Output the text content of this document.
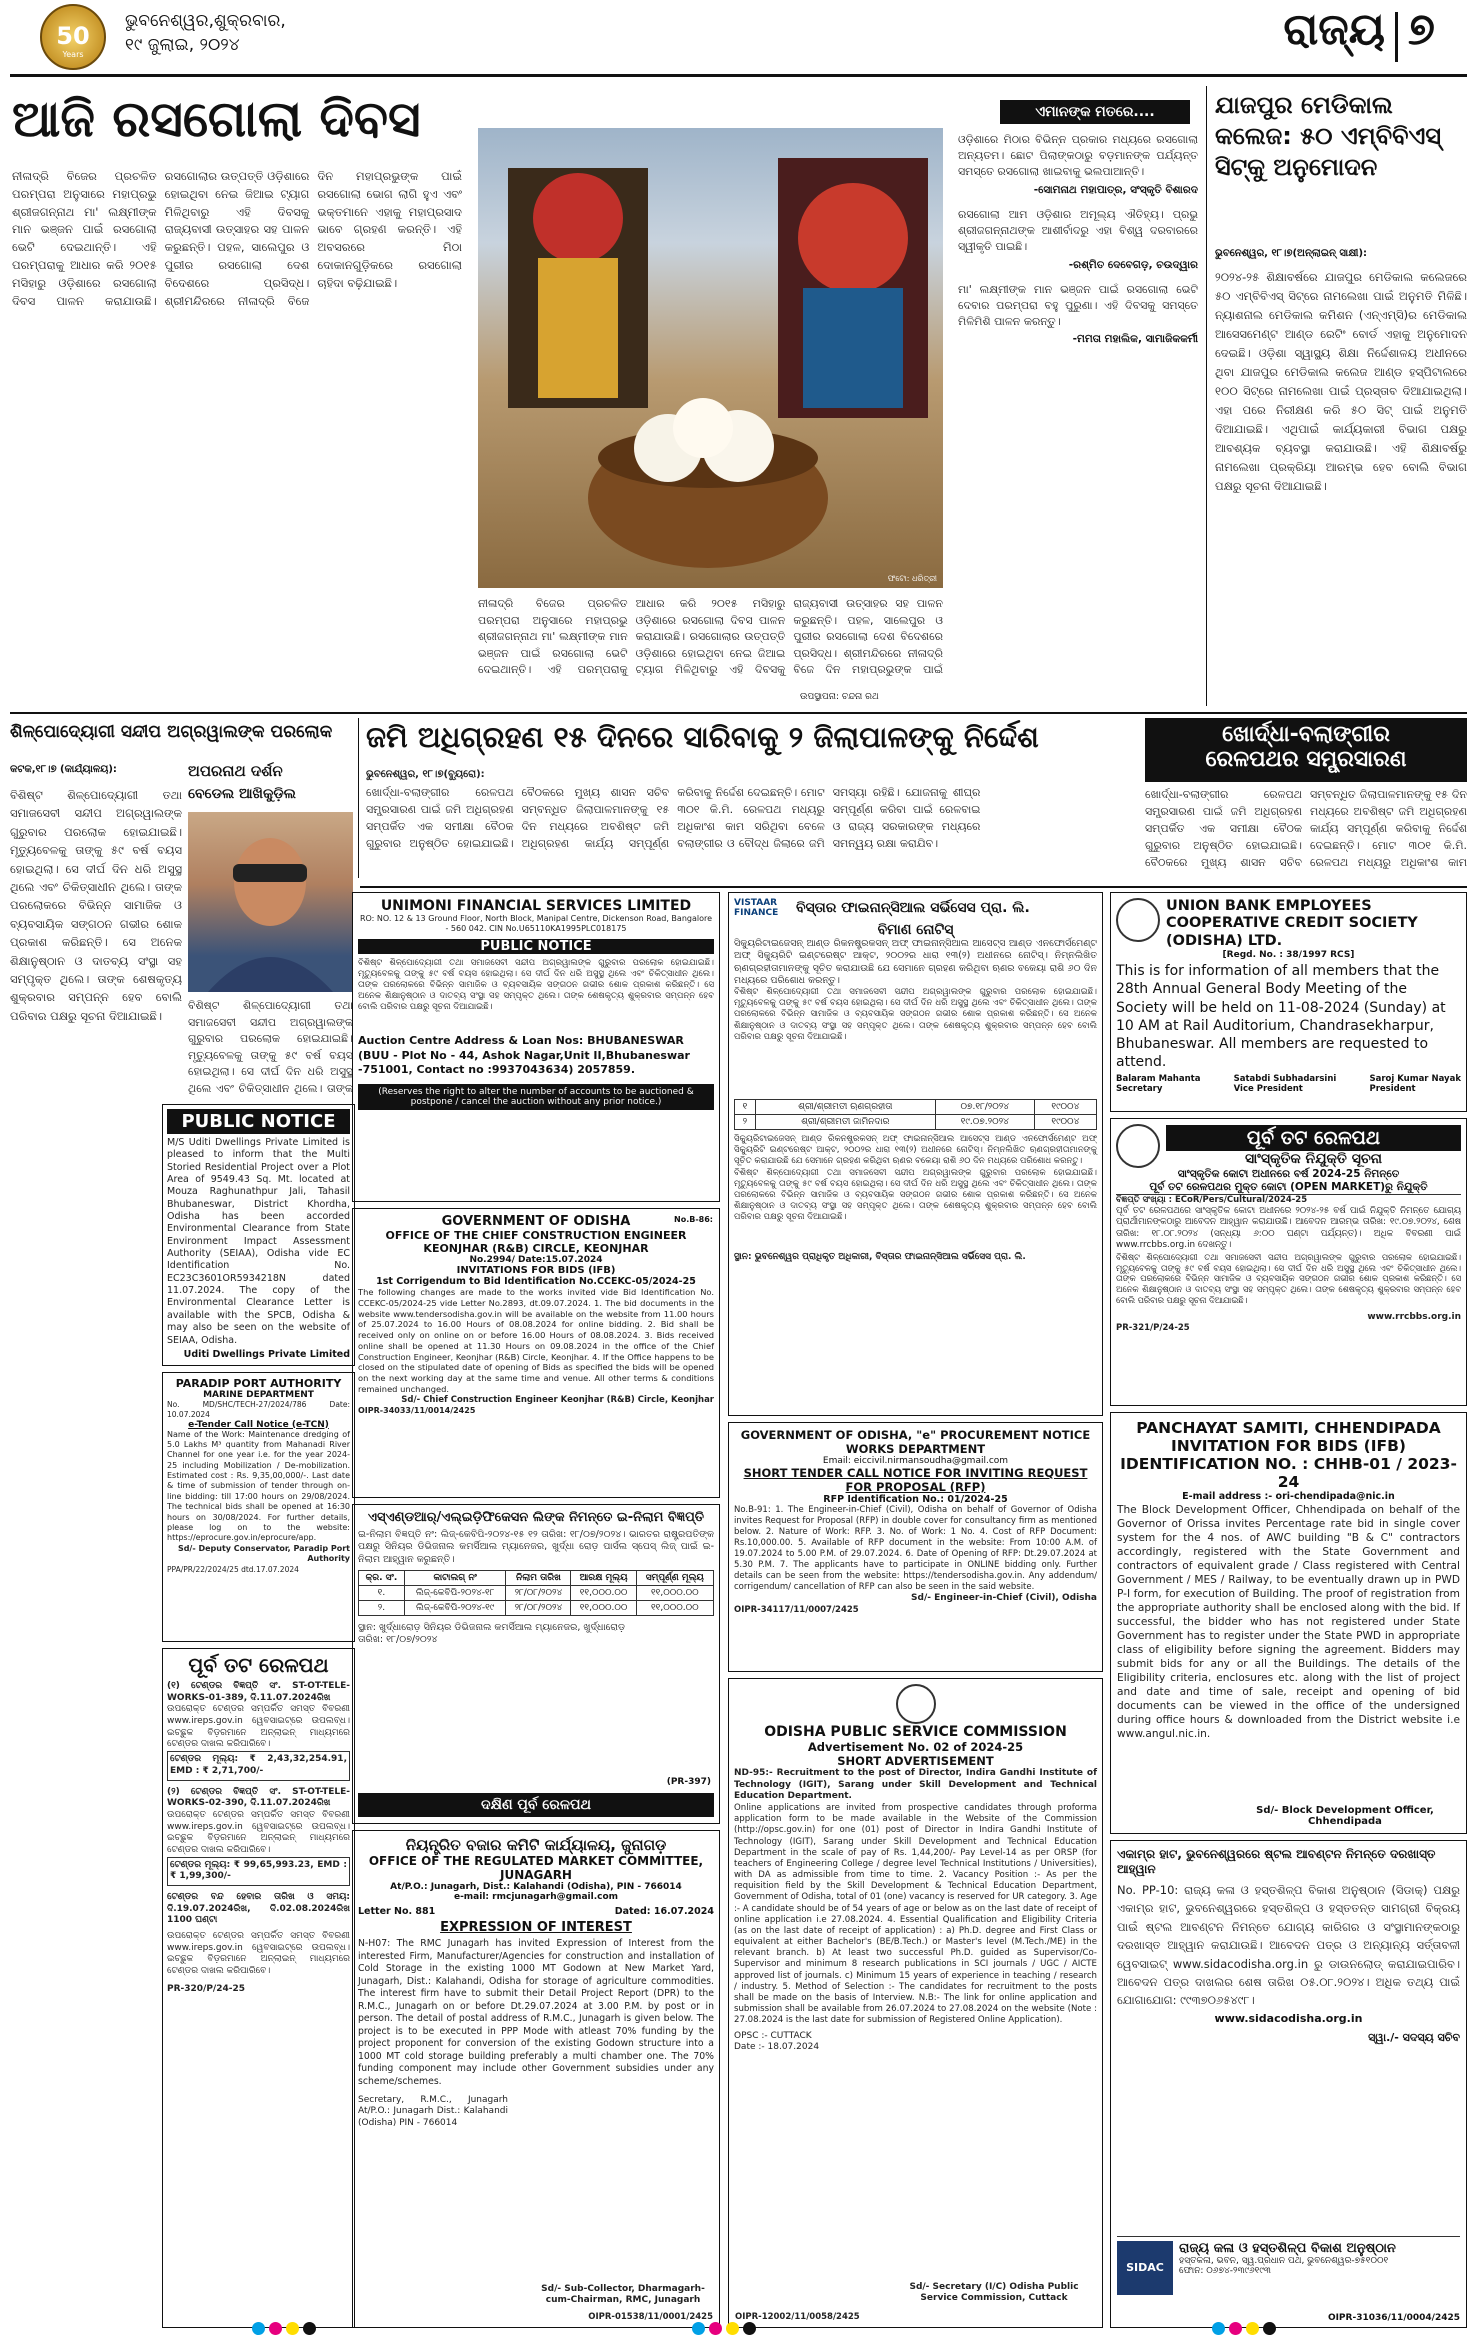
50
Years
ଭୁବନେଶ୍ୱର,ଶୁକ୍ରବାର,
୧୯ ଜୁଲାଇ, ୨୦୨୪	ରାଜ୍ୟ ୭
ଆଜି ରସଗୋଲା ଦିବସ
ନୀଳାଦ୍ରି ବିଜେର ପ୍ରଚଳିତ ପରମ୍ପରା ଅନୁସାରେ ମହାପ୍ରଭୁ ଶ୍ରୀଜଗନ୍ନାଥ ମା' ଲକ୍ଷ୍ମୀଙ୍କ ମାନ ଭଞ୍ଜନ ପାଇଁ ରସଗୋଲା ଭେଟି ଦେଇଥାନ୍ତି। ଏହି ପରମ୍ପରାକୁ ଆଧାର କରି ୨୦୧୫ ମସିହାରୁ ଓଡ଼ିଶାରେ ରସଗୋଲା ଦିବସ ପାଳନ କରାଯାଉଛି। ରସଗୋଲାର ଉତ୍ପତ୍ତି ଓଡ଼ିଶାରେ ହୋଇଥିବା ନେଇ ଜିଆଇ ଟ୍ୟାଗ ମିଳିଥିବାରୁ ଏହି ଦିବସକୁ ରାଜ୍ୟବାସୀ ଉତ୍ସାହର ସହ ପାଳନ କରୁଛନ୍ତି। ପହଳ, ସାଲେପୁର ଓ ପୁରୀର ରସଗୋଲା ଦେଶ ବିଦେଶରେ ପ୍ରସିଦ୍ଧ। ଶ୍ରୀମନ୍ଦିରରେ ନୀଳାଦ୍ରି ବିଜେ ଦିନ ମହାପ୍ରଭୁଙ୍କ ପାଇଁ ରସଗୋଲା ଭୋଗ ଲାଗି ହୁଏ ଏବଂ ଭକ୍ତମାନେ ଏହାକୁ ମହାପ୍ରସାଦ ଭାବେ ଗ୍ରହଣ କରନ୍ତି। ଏହି ଅବସରରେ ମିଠା ଦୋକାନଗୁଡ଼ିକରେ ରସଗୋଲା ଚାହିଦା ବଢ଼ିଯାଇଛି।
ଫଟୋ: ଧରିତ୍ରୀ
ନୀଳାଦ୍ରି ବିଜେର ପ୍ରଚଳିତ ପରମ୍ପରା ଅନୁସାରେ ମହାପ୍ରଭୁ ଶ୍ରୀଜଗନ୍ନାଥ ମା' ଲକ୍ଷ୍ମୀଙ୍କ ମାନ ଭଞ୍ଜନ ପାଇଁ ରସଗୋଲା ଭେଟି ଦେଇଥାନ୍ତି। ଏହି ପରମ୍ପରାକୁ ଆଧାର କରି ୨୦୧୫ ମସିହାରୁ ଓଡ଼ିଶାରେ ରସଗୋଲା ଦିବସ ପାଳନ କରାଯାଉଛି। ରସଗୋଲାର ଉତ୍ପତ୍ତି ଓଡ଼ିଶାରେ ହୋଇଥିବା ନେଇ ଜିଆଇ ଟ୍ୟାଗ ମିଳିଥିବାରୁ ଏହି ଦିବସକୁ ରାଜ୍ୟବାସୀ ଉତ୍ସାହର ସହ ପାଳନ କରୁଛନ୍ତି। ପହଳ, ସାଲେପୁର ଓ ପୁରୀର ରସଗୋଲା ଦେଶ ବିଦେଶରେ ପ୍ରସିଦ୍ଧ। ଶ୍ରୀମନ୍ଦିରରେ ନୀଳାଦ୍ରି ବିଜେ ଦିନ ମହାପ୍ରଭୁଙ୍କ ପାଇଁ
ଉପସ୍ଥାପନା: ଚନ୍ଦନା ରଥ
ଏମାନଙ୍କ ମତରେ....
ଓଡ଼ିଶାରେ ମିଠାର ବିଭିନ୍ନ ପ୍ରକାର ମଧ୍ୟରେ ରସଗୋଲା ଅନ୍ୟତମ। ଛୋଟ ପିଲାଙ୍କଠାରୁ ବଡ଼ମାନଙ୍କ ପର୍ଯ୍ୟନ୍ତ ସମସ୍ତେ ରସଗୋଲା ଖାଇବାକୁ ଭଲପାଆନ୍ତି।
-ସୋମନାଥ ମହାପାତ୍ର, ସଂସ୍କୃତି ବିଶାରଦ
ରସଗୋଲା ଆମ ଓଡ଼ିଶାର ଅମୂଲ୍ୟ ଐତିହ୍ୟ। ପ୍ରଭୁ ଶ୍ରୀଜଗନ୍ନାଥଙ୍କ ଆଶୀର୍ବାଦରୁ ଏହା ବିଶ୍ୱ ଦରବାରରେ ସ୍ୱୀକୃତି ପାଇଛି।
-ରଶ୍ମିତ ଦେବେଗଡ଼, ଚଉଦ୍ୱାର
ମା' ଲକ୍ଷ୍ମୀଙ୍କ ମାନ ଭଞ୍ଜନ ପାଇଁ ରସଗୋଲା ଭେଟି ଦେବାର ପରମ୍ପରା ବହୁ ପୁରୁଣା। ଏହି ଦିବସକୁ ସମସ୍ତେ ମିଳିମିଶି ପାଳନ କରନ୍ତୁ।
-ମମତା ମହାଲିକ, ସାମାଜିକକର୍ମୀ
ଯାଜପୁର ମେଡିକାଲ କଲେଜ: ୫୦ ଏମ୍‌ବିବିଏସ୍ ସିଟ୍‌କୁ ଅନୁମୋଦନ
ଭୁବନେଶ୍ୱର, ୧୮।୭(ଅନ୍‌ଲାଇନ୍ ସାକ୍ଷୀ):
୨୦୨୪-୨୫ ଶିକ୍ଷାବର୍ଷରେ ଯାଜପୁର ମେଡିକାଲ କଲେଜରେ ୫୦ ଏମ୍‌ବିବିଏସ୍ ସିଟ୍‌ରେ ନାମଲେଖା ପାଇଁ ଅନୁମତି ମିଳିଛି। ନ୍ୟାଶନାଲ ମେଡିକାଲ କମିଶନ (ଏନ୍‌ଏମ୍‌ସି)ର ମେଡିକାଲ ଆସେସମେଣ୍ଟ ଆଣ୍ଡ ରେଟିଂ ବୋର୍ଡ ଏହାକୁ ଅନୁମୋଦନ ଦେଇଛି। ଓଡ଼ିଶା ସ୍ୱାସ୍ଥ୍ୟ ଶିକ୍ଷା ନିର୍ଦ୍ଦେଶାଳୟ ଅଧୀନରେ ଥିବା ଯାଜପୁର ମେଡିକାଲ କଲେଜ ଆଣ୍ଡ ହସ୍ପିଟାଲରେ ୧୦୦ ସିଟ୍‌ରେ ନାମଲେଖା ପାଇଁ ପ୍ରସ୍ତାବ ଦିଆଯାଇଥିଲା। ଏହା ପରେ ନିରୀକ୍ଷଣ କରି ୫୦ ସିଟ୍ ପାଇଁ ଅନୁମତି ଦିଆଯାଇଛି। ଏଥିପାଇଁ କାର୍ଯ୍ୟକାରୀ ବିଭାଗ ପକ୍ଷରୁ ଆବଶ୍ୟକ ବ୍ୟବସ୍ଥା କରାଯାଉଛି। ଏହି ଶିକ୍ଷାବର୍ଷରୁ ନାମଲେଖା ପ୍ରକ୍ରିୟା ଆରମ୍ଭ ହେବ ବୋଲି ବିଭାଗ ପକ୍ଷରୁ ସୂଚନା ଦିଆଯାଇଛି।
ଶିଳ୍ପୋଦ୍ୟୋଗୀ ସନ୍ଦୀପ ଅଗ୍ରୱାଲଙ୍କ ପରଲୋକ	ଜମି ଅଧିଗ୍ରହଣ ୧୫ ଦିନରେ ସାରିବାକୁ ୨ ଜିଲାପାଳଙ୍କୁ ନିର୍ଦ୍ଦେଶ	ଖୋର୍ଦ୍ଧା-ବଲାଙ୍ଗୀର
ରେଳପଥର ସମ୍ପ୍ରସାରଣ
କଟକ,୧୮।୭ (କାର୍ଯ୍ୟାଳୟ):	ଅପରନାଥ ଦର୍ଶନ
ବେଡେଲ ଆଖିକୁଡ଼ିଲ
ବିଶିଷ୍ଟ ଶିଳ୍ପୋଦ୍ୟୋଗୀ ତଥା ସମାଜସେବୀ ସନ୍ଦୀପ ଅଗ୍ରୱାଲଙ୍କ ଗୁରୁବାର ପରଲୋକ ହୋଇଯାଇଛି। ମୃତ୍ୟୁବେଳକୁ ତାଙ୍କୁ ୫୯ ବର୍ଷ ବୟସ ହୋଇଥିଲା। ସେ ଦୀର୍ଘ ଦିନ ଧରି ଅସୁସ୍ଥ ଥିଲେ ଏବଂ ଚିକିତ୍ସାଧୀନ ଥିଲେ। ତାଙ୍କ ପରଲୋକରେ ବିଭିନ୍ନ ସାମାଜିକ ଓ ବ୍ୟବସାୟିକ ସଙ୍ଗଠନ ଗଭୀର ଶୋକ ପ୍ରକାଶ କରିଛନ୍ତି। ସେ ଅନେକ ଶିକ୍ଷାନୁଷ୍ଠାନ ଓ ଦାତବ୍ୟ ସଂସ୍ଥା ସହ ସମ୍ପୃକ୍ତ ଥିଲେ। ତାଙ୍କ ଶେଷକୃତ୍ୟ ଶୁକ୍ରବାର ସମ୍ପନ୍ନ ହେବ ବୋଲି ପରିବାର ପକ୍ଷରୁ ସୂଚନା ଦିଆଯାଇଛି।
ବିଶିଷ୍ଟ ଶିଳ୍ପୋଦ୍ୟୋଗୀ ତଥା ସମାଜସେବୀ ସନ୍ଦୀପ ଅଗ୍ରୱାଲଙ୍କ ଗୁରୁବାର ପରଲୋକ ହୋଇଯାଇଛି। ମୃତ୍ୟୁବେଳକୁ ତାଙ୍କୁ ୫୯ ବର୍ଷ ବୟସ ହୋଇଥିଲା। ସେ ଦୀର୍ଘ ଦିନ ଧରି ଅସୁସ୍ଥ ଥିଲେ ଏବଂ ଚିକିତ୍ସାଧୀନ ଥିଲେ। ତାଙ୍କ
PUBLIC NOTICE
M/S Uditi Dwellings Private Limited is pleased to inform that the Multi Storied Residential Project over a Plot Area of 9549.43 Sq. Mt. located at Mouza Raghunathpur Jali, Tahasil Bhubaneswar, District Khordha, Odisha has been accorded Environmental Clearance from State Environment Impact Assessment Authority (SEIAA), Odisha vide EC Identification No. EC23C3601OR5934218N dated 11.07.2024. The copy of the Environmental Clearance Letter is available with the SPCB, Odisha & may also be seen on the website of SEIAA, Odisha.
Uditi Dwellings Private Limited
PARADIP PORT AUTHORITY
MARINE DEPARTMENT
No. MD/SHC/TECH-27/2024/786 Date: 10.07.2024
e-Tender Call Notice (e-TCN)
Name of the Work: Maintenance dredging of 5.0 Lakhs M³ quantity from Mahanadi River Channel for one year i.e. for the year 2024-25 including Mobilization / De-mobilization. Estimated cost : Rs. 9,35,00,000/-. Last date & time of submission of tender through on-line bidding: till 17:00 hours on 29/08/2024. The technical bids shall be opened at 16:30 hours on 30/08/2024. For further details, please log on to the website: https://eprocure.gov.in/eprocure/app.
Sd/- Deputy Conservator, Paradip Port Authority
PPA/PR/22/2024/25 dtd.17.07.2024
ପୂର୍ବ ତଟ ରେଳପଥ
(୧) ଟେଣ୍ଡର ବିଜ୍ଞପ୍ତି ସଂ. ST-OT-TELE-WORKS-01-389, ଦି.11.07.2024ରିଖ
ଉପରୋକ୍ତ ଟେଣ୍ଡର ସମ୍ପର୍କିତ ସମସ୍ତ ବିବରଣୀ www.ireps.gov.in ୱେବସାଇଟ୍‌ରେ ଉପଲବ୍ଧ। ଇଚ୍ଛୁକ ବିଡ଼ରମାନେ ଅନ୍‌ଲାଇନ୍ ମାଧ୍ୟମରେ ଟେଣ୍ଡର ଦାଖଲ କରିପାରିବେ।
ଟେଣ୍ଡର ମୂଲ୍ୟ: ₹ 2,43,32,254.91, EMD : ₹ 2,71,700/-
(୨) ଟେଣ୍ଡର ବିଜ୍ଞପ୍ତି ସଂ. ST-OT-TELE-WORKS-02-390, ଦି.11.07.2024ରିଖ
ଉପରୋକ୍ତ ଟେଣ୍ଡର ସମ୍ପର୍କିତ ସମସ୍ତ ବିବରଣୀ www.ireps.gov.in ୱେବସାଇଟ୍‌ରେ ଉପଲବ୍ଧ। ଇଚ୍ଛୁକ ବିଡ଼ରମାନେ ଅନ୍‌ଲାଇନ୍ ମାଧ୍ୟମରେ ଟେଣ୍ଡର ଦାଖଲ କରିପାରିବେ।
ଟେଣ୍ଡର ମୂଲ୍ୟ: ₹ 99,65,993.23, EMD : ₹ 1,99,300/-
ଟେଣ୍ଡର ବନ୍ଦ ହେବାର ତାରିଖ ଓ ସମୟ: ଦି.19.07.2024ରିଖ, ଦି.02.08.2024ରିଖ 1100 ଘଣ୍ଟା
ଉପରୋକ୍ତ ଟେଣ୍ଡର ସମ୍ପର୍କିତ ସମସ୍ତ ବିବରଣୀ www.ireps.gov.in ୱେବସାଇଟ୍‌ରେ ଉପଲବ୍ଧ। ଇଚ୍ଛୁକ ବିଡ଼ରମାନେ ଅନ୍‌ଲାଇନ୍ ମାଧ୍ୟମରେ ଟେଣ୍ଡର ଦାଖଲ କରିପାରିବେ।
PR-320/P/24-25
ଭୁବନେଶ୍ୱର, ୧୮।୭(ବ୍ୟୁରୋ):
ଖୋର୍ଦ୍ଧା-ବଲାଙ୍ଗୀର ରେଳପଥ ସମ୍ପ୍ରସାରଣ ପାଇଁ ଜମି ଅଧିଗ୍ରହଣ ସମ୍ପର୍କିତ ଏକ ସମୀକ୍ଷା ବୈଠକ ଗୁରୁବାର ଅନୁଷ୍ଠିତ ହୋଇଯାଇଛି। ବୈଠକରେ ମୁଖ୍ୟ ଶାସନ ସଚିବ ସମ୍ବନ୍ଧିତ ଜିଲାପାଳମାନଙ୍କୁ ୧୫ ଦିନ ମଧ୍ୟରେ ଅବଶିଷ୍ଟ ଜମି ଅଧିଗ୍ରହଣ କାର୍ଯ୍ୟ ସମ୍ପୂର୍ଣ୍ଣ କରିବାକୁ ନିର୍ଦ୍ଦେଶ ଦେଇଛନ୍ତି। ମୋଟ ୩୦୧ କି.ମି. ରେଳପଥ ମଧ୍ୟରୁ ଅଧିକାଂଶ କାମ ସରିଥିବା ବେଳେ ବଲାଙ୍ଗୀର ଓ ବୌଦ୍ଧ ଜିଲାରେ ଜମି ସମସ୍ୟା ରହିଛି। ଯୋଜନାକୁ ଶୀଘ୍ର ସମ୍ପୂର୍ଣ୍ଣ କରିବା ପାଇଁ ରେଳବାଇ ଓ ରାଜ୍ୟ ସରକାରଙ୍କ ମଧ୍ୟରେ ସମନ୍ୱୟ ରକ୍ଷା କରାଯିବ।
ଖୋର୍ଦ୍ଧା-ବଲାଙ୍ଗୀର ରେଳପଥ ସମ୍ପ୍ରସାରଣ ପାଇଁ ଜମି ଅଧିଗ୍ରହଣ ସମ୍ପର୍କିତ ଏକ ସମୀକ୍ଷା ବୈଠକ ଗୁରୁବାର ଅନୁଷ୍ଠିତ ହୋଇଯାଇଛି। ବୈଠକରେ ମୁଖ୍ୟ ଶାସନ ସଚିବ ସମ୍ବନ୍ଧିତ ଜିଲାପାଳମାନଙ୍କୁ ୧୫ ଦିନ ମଧ୍ୟରେ ଅବଶିଷ୍ଟ ଜମି ଅଧିଗ୍ରହଣ କାର୍ଯ୍ୟ ସମ୍ପୂର୍ଣ୍ଣ କରିବାକୁ ନିର୍ଦ୍ଦେଶ ଦେଇଛନ୍ତି। ମୋଟ ୩୦୧ କି.ମି. ରେଳପଥ ମଧ୍ୟରୁ ଅଧିକାଂଶ କାମ
UNIMONI FINANCIAL SERVICES LIMITED
RO: NO. 12 & 13 Ground Floor, North Block, Manipal Centre, Dickenson Road, Bangalore - 560 042. CIN No.U65110KA1995PLC018175
PUBLIC NOTICE
ବିଶିଷ୍ଟ ଶିଳ୍ପୋଦ୍ୟୋଗୀ ତଥା ସମାଜସେବୀ ସନ୍ଦୀପ ଅଗ୍ରୱାଲଙ୍କ ଗୁରୁବାର ପରଲୋକ ହୋଇଯାଇଛି। ମୃତ୍ୟୁବେଳକୁ ତାଙ୍କୁ ୫୯ ବର୍ଷ ବୟସ ହୋଇଥିଲା। ସେ ଦୀର୍ଘ ଦିନ ଧରି ଅସୁସ୍ଥ ଥିଲେ ଏବଂ ଚିକିତ୍ସାଧୀନ ଥିଲେ। ତାଙ୍କ ପରଲୋକରେ ବିଭିନ୍ନ ସାମାଜିକ ଓ ବ୍ୟବସାୟିକ ସଙ୍ଗଠନ ଗଭୀର ଶୋକ ପ୍ରକାଶ କରିଛନ୍ତି। ସେ ଅନେକ ଶିକ୍ଷାନୁଷ୍ଠାନ ଓ ଦାତବ୍ୟ ସଂସ୍ଥା ସହ ସମ୍ପୃକ୍ତ ଥିଲେ। ତାଙ୍କ ଶେଷକୃତ୍ୟ ଶୁକ୍ରବାର ସମ୍ପନ୍ନ ହେବ ବୋଲି ପରିବାର ପକ୍ଷରୁ ସୂଚନା ଦିଆଯାଇଛି।
Auction Centre Address & Loan Nos: BHUBANESWAR (BUU - Plot No - 44, Ashok Nagar,Unit II,Bhubaneswar -751001, Contact no :9937043634) 2057859.
(Reserves the right to alter the number of accounts to be auctioned & postpone / cancel the auction without any prior notice.)
GOVERNMENT OF ODISHA	No.B-86:
OFFICE OF THE CHIEF CONSTRUCTION ENGINEER KEONJHAR (R&B) CIRCLE, KEONJHAR
No.2994/ Date:15.07.2024
INVITATIONS FOR BIDS (IFB)
1st Corrigendum to Bid Identification No.CCEKC-05/2024-25
The following changes are made to the works invited vide Bid Identification No. CCEKC-05/2024-25 vide Letter No.2893, dt.09.07.2024. 1. The bid documents in the website www.tendersodisha.gov.in will be available on the website from 11.00 hours of 25.07.2024 to 16.00 Hours of 08.08.2024 for online bidding. 2. Bid shall be received only on online on or before 16.00 Hours of 08.08.2024. 3. Bids received online shall be opened at 11.30 Hours on 09.08.2024 in the office of the Chief Construction Engineer, Keonjhar (R&B) Circle, Keonjhar. 4. If the Office happens to be closed on the stipulated date of opening of Bids as specified the bids will be opened on the next working day at the same time and venue. All other terms & conditions remained unchanged.
Sd/- Chief Construction Engineer Keonjhar (R&B) Circle, Keonjhar
OIPR-34033/11/0014/2425
ଏସ୍‌ଏଣ୍ଡଆର୍/ଏଲ୍‌ଇଡ଼ିଫିକେସନ ଲିଙ୍କ ନିମନ୍ତେ ଇ-ନିଲାମ ବିଜ୍ଞପ୍ତି
ଇ-ନିଲାମ ବିଜ୍ଞପ୍ତି ନଂ: ଲିଜ୍-କେବିପି-୨୦୨୪-୧୫ ୧୨ ତାରିଖ: ୧୮/୦୭/୨୦୨୪। ଭାରତର ରାଷ୍ଟ୍ରପତିଙ୍କ ପକ୍ଷରୁ ସିନିୟର ଡିଭିଜନାଲ କମର୍ସିଆଲ ମ୍ୟାନେଜର, ଖୁର୍ଦ୍ଧା ରୋଡ଼ ପାର୍ସଲ ସ୍ପେସ୍ ଲିଜ୍ ପାଇଁ ଇ-ନିଲାମ ଆହ୍ୱାନ କରୁଛନ୍ତି।
କ୍ର. ସଂ.	କାଟାଲଗ୍ ନଂ	ନିଲାମ ତାରିଖ	ଆରକ୍ଷ ମୂଲ୍ୟ	ସମ୍ପୂର୍ଣ୍ଣ ମୂଲ୍ୟ
୧.	ଲିଜ୍-କେବିପି-୨୦୨୪-୧୮	୨୮/୦୮/୨୦୨୪	୧୧,୦୦୦.୦୦	୧୧,୦୦୦.୦୦
୨.	ଲିଜ୍-କେବିପି-୨୦୨୪-୧୯	୨୮/୦୮/୨୦୨୪	୧୧,୦୦୦.୦୦	୧୧,୦୦୦.୦୦
ସ୍ଥାନ: ଖୁର୍ଦ୍ଧାରୋଡ଼ ସିନିୟର ଡିଭିଜନାଲ କମର୍ସିଆଲ ମ୍ୟାନେଜର, ଖୁର୍ଦ୍ଧାରୋଡ଼
ତାରିଖ: ୧୮/୦୭/୨୦୨୪
ଦକ୍ଷିଣ ପୂର୍ବ ରେଳପଥ
(PR-397)
ନିୟନ୍ତ୍ରିତ ବଜାର କମିଟି କାର୍ଯ୍ୟାଳୟ, ଜୁନାଗଡ଼
OFFICE OF THE REGULATED MARKET COMMITTEE, JUNAGARH
At/P.O.: Junagarh, Dist.: Kalahandi (Odisha), PIN - 766014
e-mail: rmcjunagarh@gmail.com
Letter No. 881	Dated: 16.07.2024
EXPRESSION OF INTEREST
N-H07: The RMC Junagarh has invited Expression of Interest from the interested Firm, Manufacturer/Agencies for construction and installation of Cold Storage in the existing 1000 MT Godown at New Market Yard, Junagarh, Dist.: Kalahandi, Odisha for storage of agriculture commodities. The interest firm have to submit their Detail Project Report (DPR) to the R.M.C., Junagarh on or before Dt.29.07.2024 at 3.00 P.M. by post or in person. The detail of postal address of R.M.C., Junagarh is given below. The project is to be executed in PPP Mode with atleast 70% funding by the project proponent for conversion of the existing Godown structure into a 1000 MT cold storage building preferably a multi chamber one. The 70% funding component may include other Government subsidies under any scheme/schemes.
Secretary, R.M.C., Junagarh At/P.O.: Junagarh Dist.: Kalahandi (Odisha) PIN - 766014
Sd/- Sub-Collector, Dharmagarh-cum-Chairman, RMC, Junagarh
OIPR-01538/11/0001/2425
VISTAAR FINANCE	ବିସ୍ତାର ଫାଇନାନ୍‌ସିଆଲ ସର୍ଭିସେସ ପ୍ରା. ଲି.
ବିମାଣ ନୋଟିସ୍
ସିକ୍ୟୁରିଟାଇଜେସନ୍ ଆଣ୍ଡ ରିକନଷ୍ଟ୍ରକସନ୍ ଅଫ୍ ଫାଇନାନ୍‌ସିଆଲ ଆସେଟ୍‌ସ ଆଣ୍ଡ ଏନଫୋର୍ସମେଣ୍ଟ ଅଫ୍ ସିକ୍ୟୁରିଟି ଇଣ୍ଟରେଷ୍ଟ ଆକ୍ଟ, ୨୦୦୨ର ଧାରା ୧୩(୨) ଅଧୀନରେ ନୋଟିସ୍। ନିମ୍ନଲିଖିତ ଋଣଗ୍ରହୀତାମାନଙ୍କୁ ସୂଚିତ କରାଯାଉଛି ଯେ ସେମାନେ ଗ୍ରହଣ କରିଥିବା ଋଣର ବକେୟା ରାଶି ୬୦ ଦିନ ମଧ୍ୟରେ ପରିଶୋଧ କରନ୍ତୁ।
ବିଶିଷ୍ଟ ଶିଳ୍ପୋଦ୍ୟୋଗୀ ତଥା ସମାଜସେବୀ ସନ୍ଦୀପ ଅଗ୍ରୱାଲଙ୍କ ଗୁରୁବାର ପରଲୋକ ହୋଇଯାଇଛି। ମୃତ୍ୟୁବେଳକୁ ତାଙ୍କୁ ୫୯ ବର୍ଷ ବୟସ ହୋଇଥିଲା। ସେ ଦୀର୍ଘ ଦିନ ଧରି ଅସୁସ୍ଥ ଥିଲେ ଏବଂ ଚିକିତ୍ସାଧୀନ ଥିଲେ। ତାଙ୍କ ପରଲୋକରେ ବିଭିନ୍ନ ସାମାଜିକ ଓ ବ୍ୟବସାୟିକ ସଙ୍ଗଠନ ଗଭୀର ଶୋକ ପ୍ରକାଶ କରିଛନ୍ତି। ସେ ଅନେକ ଶିକ୍ଷାନୁଷ୍ଠାନ ଓ ଦାତବ୍ୟ ସଂସ୍ଥା ସହ ସମ୍ପୃକ୍ତ ଥିଲେ। ତାଙ୍କ ଶେଷକୃତ୍ୟ ଶୁକ୍ରବାର ସମ୍ପନ୍ନ ହେବ ବୋଲି ପରିବାର ପକ୍ଷରୁ ସୂଚନା ଦିଆଯାଇଛି।
୧	ଶ୍ରୀ/ଶ୍ରୀମତୀ ଋଣଗ୍ରହୀତା	୦୭.୧୮/୨୦୨୪	୧୯୦୦୪
୨	ଶ୍ରୀ/ଶ୍ରୀମତୀ ଜାମିନଦାର	୧୯.୦୭.୨୦୨୪	୧୯୦୦୪
ସିକ୍ୟୁରିଟାଇଜେସନ୍ ଆଣ୍ଡ ରିକନଷ୍ଟ୍ରକସନ୍ ଅଫ୍ ଫାଇନାନ୍‌ସିଆଲ ଆସେଟ୍‌ସ ଆଣ୍ଡ ଏନଫୋର୍ସମେଣ୍ଟ ଅଫ୍ ସିକ୍ୟୁରିଟି ଇଣ୍ଟରେଷ୍ଟ ଆକ୍ଟ, ୨୦୦୨ର ଧାରା ୧୩(୨) ଅଧୀନରେ ନୋଟିସ୍। ନିମ୍ନଲିଖିତ ଋଣଗ୍ରହୀତାମାନଙ୍କୁ ସୂଚିତ କରାଯାଉଛି ଯେ ସେମାନେ ଗ୍ରହଣ କରିଥିବା ଋଣର ବକେୟା ରାଶି ୬୦ ଦିନ ମଧ୍ୟରେ ପରିଶୋଧ କରନ୍ତୁ।
ବିଶିଷ୍ଟ ଶିଳ୍ପୋଦ୍ୟୋଗୀ ତଥା ସମାଜସେବୀ ସନ୍ଦୀପ ଅଗ୍ରୱାଲଙ୍କ ଗୁରୁବାର ପରଲୋକ ହୋଇଯାଇଛି। ମୃତ୍ୟୁବେଳକୁ ତାଙ୍କୁ ୫୯ ବର୍ଷ ବୟସ ହୋଇଥିଲା। ସେ ଦୀର୍ଘ ଦିନ ଧରି ଅସୁସ୍ଥ ଥିଲେ ଏବଂ ଚିକିତ୍ସାଧୀନ ଥିଲେ। ତାଙ୍କ ପରଲୋକରେ ବିଭିନ୍ନ ସାମାଜିକ ଓ ବ୍ୟବସାୟିକ ସଙ୍ଗଠନ ଗଭୀର ଶୋକ ପ୍ରକାଶ କରିଛନ୍ତି। ସେ ଅନେକ ଶିକ୍ଷାନୁଷ୍ଠାନ ଓ ଦାତବ୍ୟ ସଂସ୍ଥା ସହ ସମ୍ପୃକ୍ତ ଥିଲେ। ତାଙ୍କ ଶେଷକୃତ୍ୟ ଶୁକ୍ରବାର ସମ୍ପନ୍ନ ହେବ ବୋଲି ପରିବାର ପକ୍ଷରୁ ସୂଚନା ଦିଆଯାଇଛି।
ସ୍ଥାନ: ଭୁବନେଶ୍ୱର ପ୍ରାଧିକୃତ ଅଧିକାରୀ, ବିସ୍ତାର ଫାଇନାନ୍‌ସିଆଲ ସର୍ଭିସେସ ପ୍ରା. ଲି.
GOVERNMENT OF ODISHA, "e" PROCUREMENT NOTICE
WORKS DEPARTMENT
Email: eiccivil.nirmansoudha@gmail.com
SHORT TENDER CALL NOTICE FOR INVITING REQUEST FOR PROPOSAL (RFP)
RFP Identification No.: 01/2024-25
No.B-91: 1. The Engineer-in-Chief (Civil), Odisha on behalf of Governor of Odisha invites Request for Proposal (RFP) in double cover for consultancy firm as mentioned below. 2. Nature of Work: RFP. 3. No. of Work: 1 No. 4. Cost of RFP Document: Rs.10,000.00. 5. Available of RFP document in the website: From 10:00 A.M. of 19.07.2024 to 5.00 P.M. of 29.07.2024. 6. Date of Opening of RFP: Dt.29.07.2024 at 5.30 P.M. 7. The applicants have to participate in ONLINE bidding only. Further details can be seen from the website: https://tendersodisha.gov.in. Any addendum/ corrigendum/ cancellation of RFP can also be seen in the said website.
Sd/- Engineer-in-Chief (Civil), Odisha
OIPR-34117/11/0007/2425
ODISHA PUBLIC SERVICE COMMISSION
Advertisement No. 02 of 2024-25
SHORT ADVERTISEMENT
ND-95:- Recruitment to the post of Director, Indira Gandhi Institute of Technology (IGIT), Sarang under Skill Development and Technical Education Department.
Online applications are invited from prospective candidates through proforma application form to be made available in the Website of the Commission (http://opsc.gov.in) for one (01) post of Director in Indira Gandhi Institute of Technology (IGIT), Sarang under Skill Development and Technical Education Department in the scale of pay of Rs. 1,44,200/- Pay Level-14 as per ORSP (for teachers of Engineering College / degree level Technical Institutions / Universities), with DA as admissible from time to time. 2. Vacancy Position :- As per the requisition field by the Skill Development & Technical Education Department, Government of Odisha, total of 01 (one) vacancy is reserved for UR category. 3. Age :- A candidate should be of 54 years of age or below as on the last date of receipt of online application i.e 27.08.2024. 4. Essential Qualification and Eligibility Criteria (as on the last date of receipt of application) : a) Ph.D. degree and First Class or equivalent at either Bachelor's (BE/B.Tech.) or Master's level (M.Tech./ME) in the relevant branch. b) At least two successful Ph.D. guided as Supervisor/Co-Supervisor and minimum 8 research publications in SCI journals / UGC / AICTE approved list of journals. c) Minimum 15 years of experience in teaching / research / industry. 5. Method of Selection :- The candidates for recruitment to the posts shall be made on the basis of Interview. N.B:- The link for online application and submission shall be available from 26.07.2024 to 27.08.2024 on the website (Note : 27.08.2024 is the last date for submission of Registered Online Application).
OPSC :- CUTTACK
Date :- 18.07.2024
Sd/- Secretary (I/C) Odisha Public Service Commission, Cuttack
OIPR-12002/11/0058/2425
UNION BANK EMPLOYEES COOPERATIVE CREDIT SOCIETY (ODISHA) LTD.
[Regd. No. : 38/1997 RCS]
This is for information of all members that the 28th Annual General Body Meeting of the Society will be held on 11-08-2024 (Sunday) at 10 AM at Rail Auditorium, Chandrasekharpur, Bhubaneswar. All members are requested to attend.
Balaram Mahanta
Secretary
Satabdi Subhadarsini
Vice President
Saroj Kumar Nayak
President
ପୂର୍ବ ତଟ ରେଳପଥ
ସାଂସ୍କୃତିକ ନିଯୁକ୍ତି ସୂଚନା
ସାଂସ୍କୃତିକ କୋଟା ଅଧୀନରେ ବର୍ଷ 2024-25 ନିମନ୍ତେ
ପୂର୍ବ ତଟ ରେଳପଥର ମୁକ୍ତ କୋଟା (OPEN MARKET)ରୁ ନିଯୁକ୍ତି
ବିଜ୍ଞପ୍ତି ସଂଖ୍ୟା : ECoR/Pers/Cultural/2024-25
ପୂର୍ବ ତଟ ରେଳପଥରେ ସାଂସ୍କୃତିକ କୋଟା ଅଧୀନରେ ୨୦୨୪-୨୫ ବର୍ଷ ପାଇଁ ନିଯୁକ୍ତି ନିମନ୍ତେ ଯୋଗ୍ୟ ପ୍ରାର୍ଥୀମାନଙ୍କଠାରୁ ଆବେଦନ ଆହ୍ୱାନ କରାଯାଉଛି। ଆବେଦନ ଆରମ୍ଭ ତାରିଖ: ୧୯.୦୭.୨୦୨୪, ଶେଷ ତାରିଖ: ୧୮.୦୮.୨୦୨୪ (ସନ୍ଧ୍ୟା ୬:୦୦ ଘଣ୍ଟା ପର୍ଯ୍ୟନ୍ତ)। ଅଧିକ ବିବରଣୀ ପାଇଁ www.rrcbbs.org.in ଦେଖନ୍ତୁ।
ବିଶିଷ୍ଟ ଶିଳ୍ପୋଦ୍ୟୋଗୀ ତଥା ସମାଜସେବୀ ସନ୍ଦୀପ ଅଗ୍ରୱାଲଙ୍କ ଗୁରୁବାର ପରଲୋକ ହୋଇଯାଇଛି। ମୃତ୍ୟୁବେଳକୁ ତାଙ୍କୁ ୫୯ ବର୍ଷ ବୟସ ହୋଇଥିଲା। ସେ ଦୀର୍ଘ ଦିନ ଧରି ଅସୁସ୍ଥ ଥିଲେ ଏବଂ ଚିକିତ୍ସାଧୀନ ଥିଲେ। ତାଙ୍କ ପରଲୋକରେ ବିଭିନ୍ନ ସାମାଜିକ ଓ ବ୍ୟବସାୟିକ ସଙ୍ଗଠନ ଗଭୀର ଶୋକ ପ୍ରକାଶ କରିଛନ୍ତି। ସେ ଅନେକ ଶିକ୍ଷାନୁଷ୍ଠାନ ଓ ଦାତବ୍ୟ ସଂସ୍ଥା ସହ ସମ୍ପୃକ୍ତ ଥିଲେ। ତାଙ୍କ ଶେଷକୃତ୍ୟ ଶୁକ୍ରବାର ସମ୍ପନ୍ନ ହେବ ବୋଲି ପରିବାର ପକ୍ଷରୁ ସୂଚନା ଦିଆଯାଇଛି।
www.rrcbbs.org.in
PR-321/P/24-25
PANCHAYAT SAMITI, CHHENDIPADA
INVITATION FOR BIDS (IFB)
IDENTIFICATION NO. : CHHB-01 / 2023-24
E-mail address :- ori-chendipada@nic.in
The Block Development Officer, Chhendipada on behalf of the Governor of Orissa invites Percentage rate bid in single cover system for the 4 nos. of AWC building "B & C" contractors accordingly, registered with the State Government and contractors of equivalent grade / Class registered with Central Government / MES / Railway, to be eventually drawn up in PWD P-I form, for execution of Building. The proof of registration from the appropriate authority shall be enclosed along with the bid. If successful, the bidder who has not registered under State Government has to register under the State PWD in appropriate class of eligibility before signing the agreement. Bidders may submit bids for any or all the Buildings. The details of the Eligibility criteria, enclosures etc. along with the list of project and date and time of sale, receipt and opening of bid documents can be viewed in the office of the undersigned during office hours & downloaded from the District website i.e www.angul.nic.in.
Sd/- Block Development Officer, Chhendipada
ଏକାମ୍ର ହାଟ, ଭୁବନେଶ୍ୱରରେ ଷ୍ଟଲ ଆବଣ୍ଟନ ନିମନ୍ତେ ଦରଖାସ୍ତ ଆହ୍ୱାନ
No. PP-10: ରାଜ୍ୟ କଳା ଓ ହସ୍ତଶିଳ୍ପ ବିକାଶ ଅନୁଷ୍ଠାନ (ସିଡାକ୍) ପକ୍ଷରୁ ଏକାମ୍ର ହାଟ, ଭୁବନେଶ୍ୱରରେ ହସ୍ତଶିଳ୍ପ ଓ ହସ୍ତତନ୍ତ ସାମଗ୍ରୀ ବିକ୍ରୟ ପାଇଁ ଷ୍ଟଲ ଆବଣ୍ଟନ ନିମନ୍ତେ ଯୋଗ୍ୟ କାରିଗର ଓ ସଂସ୍ଥାମାନଙ୍କଠାରୁ ଦରଖାସ୍ତ ଆହ୍ୱାନ କରାଯାଉଛି। ଆବେଦନ ପତ୍ର ଓ ଅନ୍ୟାନ୍ୟ ସର୍ତ୍ତାବଳୀ ୱେବସାଇଟ୍ www.sidacodisha.org.in ରୁ ଡାଉନଲୋଡ୍ କରାଯାଇପାରିବ। ଆବେଦନ ପତ୍ର ଦାଖଲର ଶେଷ ତାରିଖ ୦୫.୦୮.୨୦୨୪। ଅଧିକ ତଥ୍ୟ ପାଇଁ ଯୋଗାଯୋଗ: ୯୯୩୭୦୬୫୪୯୮।
www.sidacodisha.org.in
ସ୍ୱା./- ସଦସ୍ୟ ସଚିବ
SIDAC
ରାଜ୍ୟ କଳା ଓ ହସ୍ତଶିଳ୍ପ ବିକାଶ ଅନୁଷ୍ଠାନ
ହସ୍ତକଳା, ଭବନ, ସ୍ୱ.ପ୍ରଧାନ ପଥ, ଭୁବନେଶ୍ୱର-୭୫୧୦୦୧
ଫୋନ: ୦୬୭୪-୨୩୯୬୧୯୩
OIPR-31036/11/0004/2425
